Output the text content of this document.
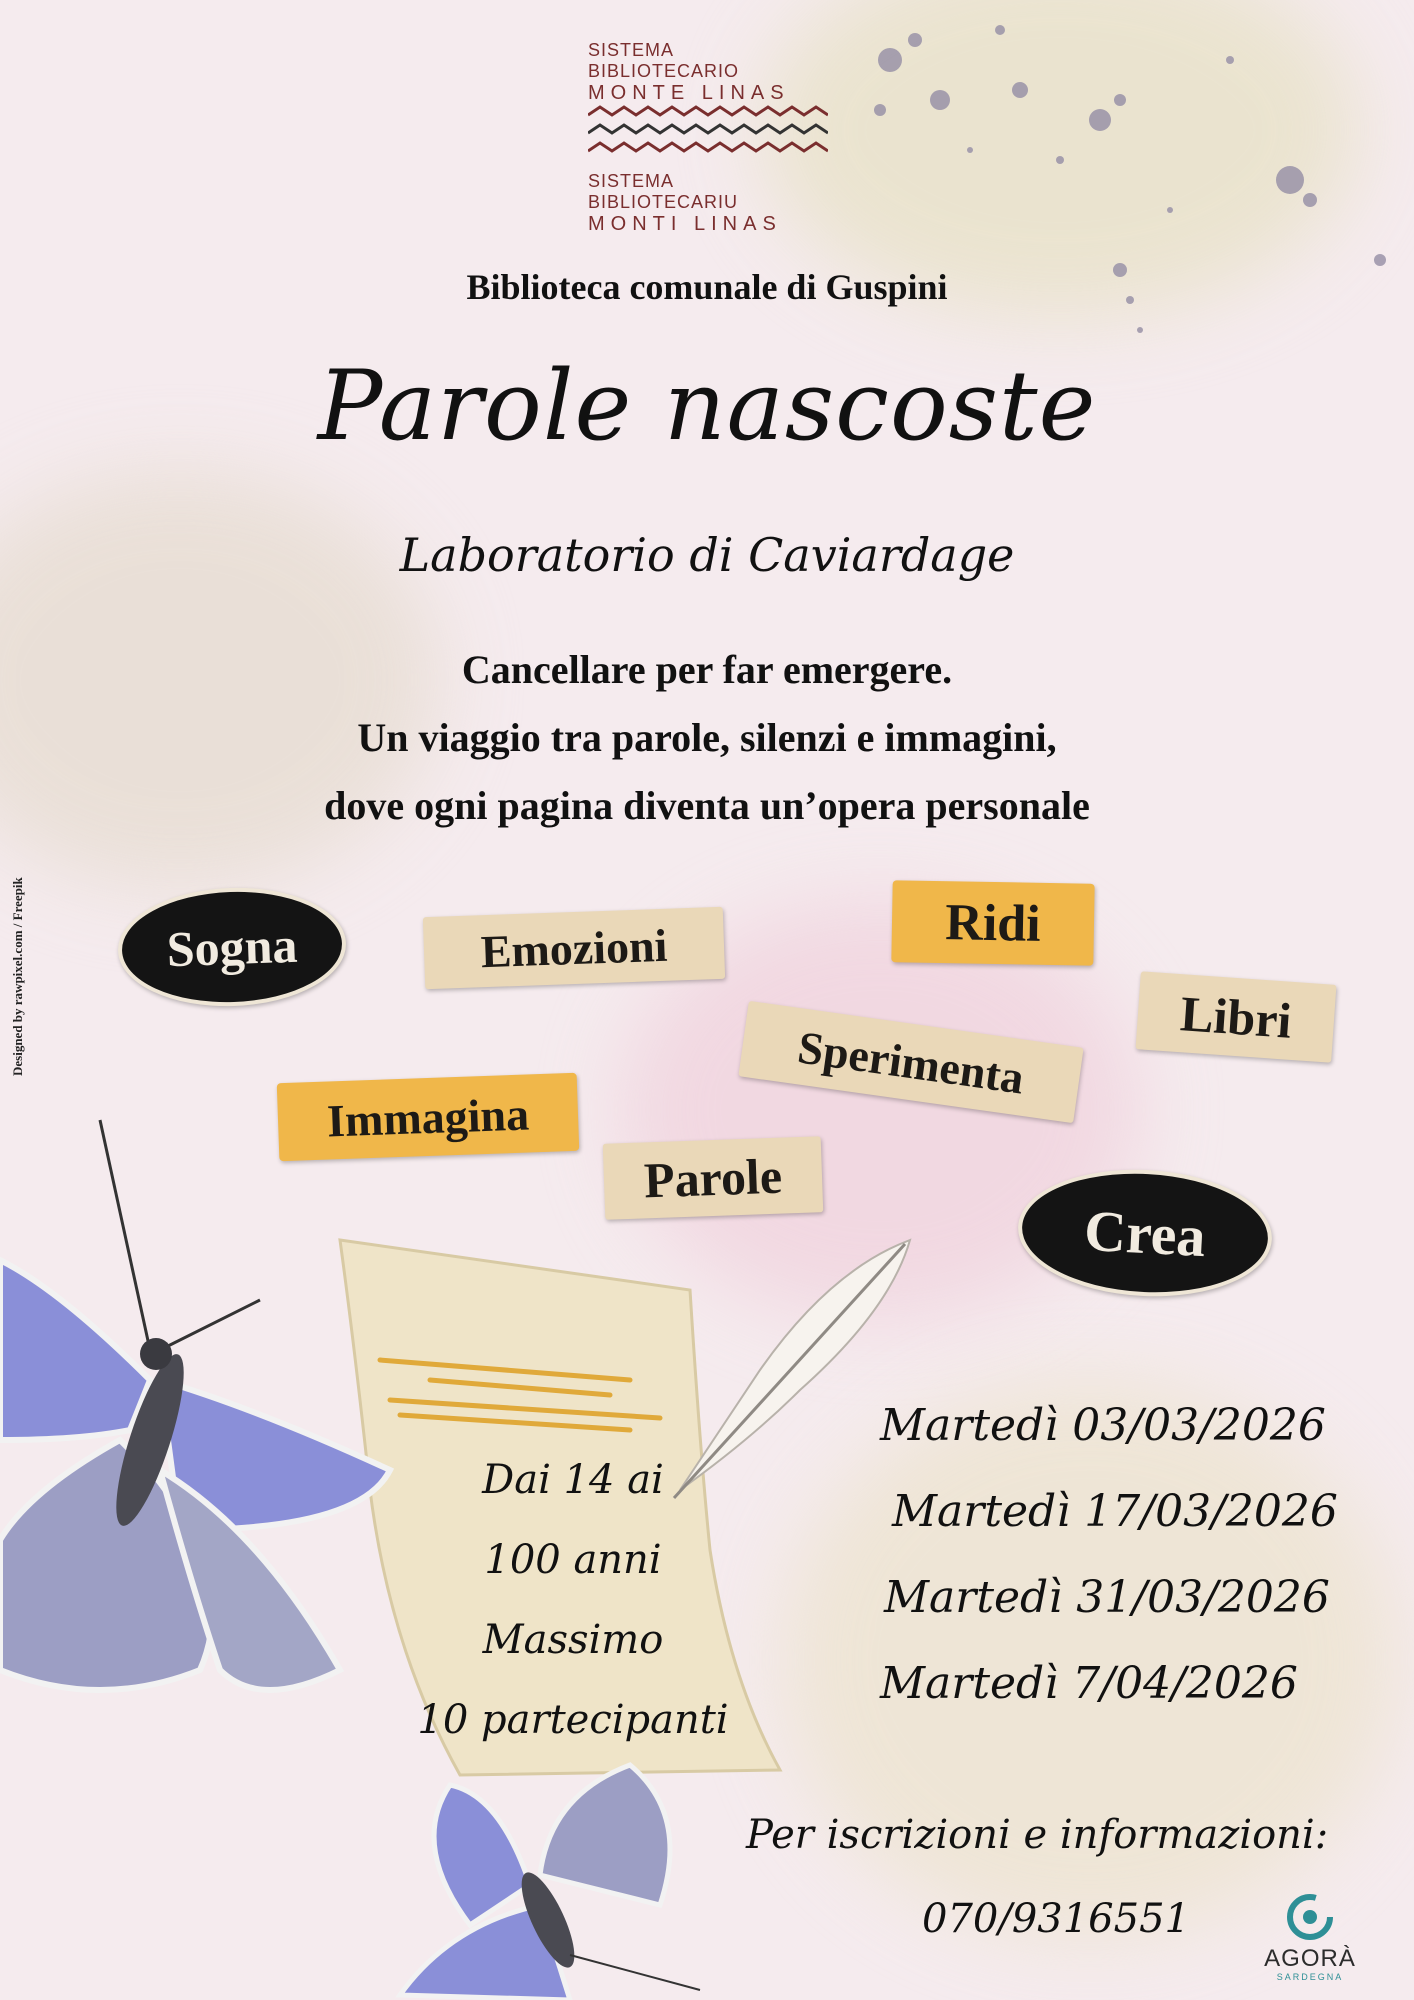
SISTEMA BIBLIOTECARIO
MONTE LINAS
SISTEMA BIBLIOTECARIU
MONTI LINAS
Biblioteca comunale di Guspini
Parole nascoste
Laboratorio di Caviardage
Cancellare per far emergere.
Un viaggio tra parole, silenzi e immagini,
dove ogni pagina diventa un’opera personale
Sogna	Emozioni	Ridi
Libri
Sperimenta
Immagina
Parole
Crea
Designed by rawpixel.com / Freepik
Dai 14 ai
100 anni
Massimo
10 partecipanti
Martedì 03/03/2026
Martedì 17/03/2026
Martedì 31/03/2026
Martedì 7/04/2026
Per iscrizioni e informazioni:
070/9316551
AGORÀ
SARDEGNA
